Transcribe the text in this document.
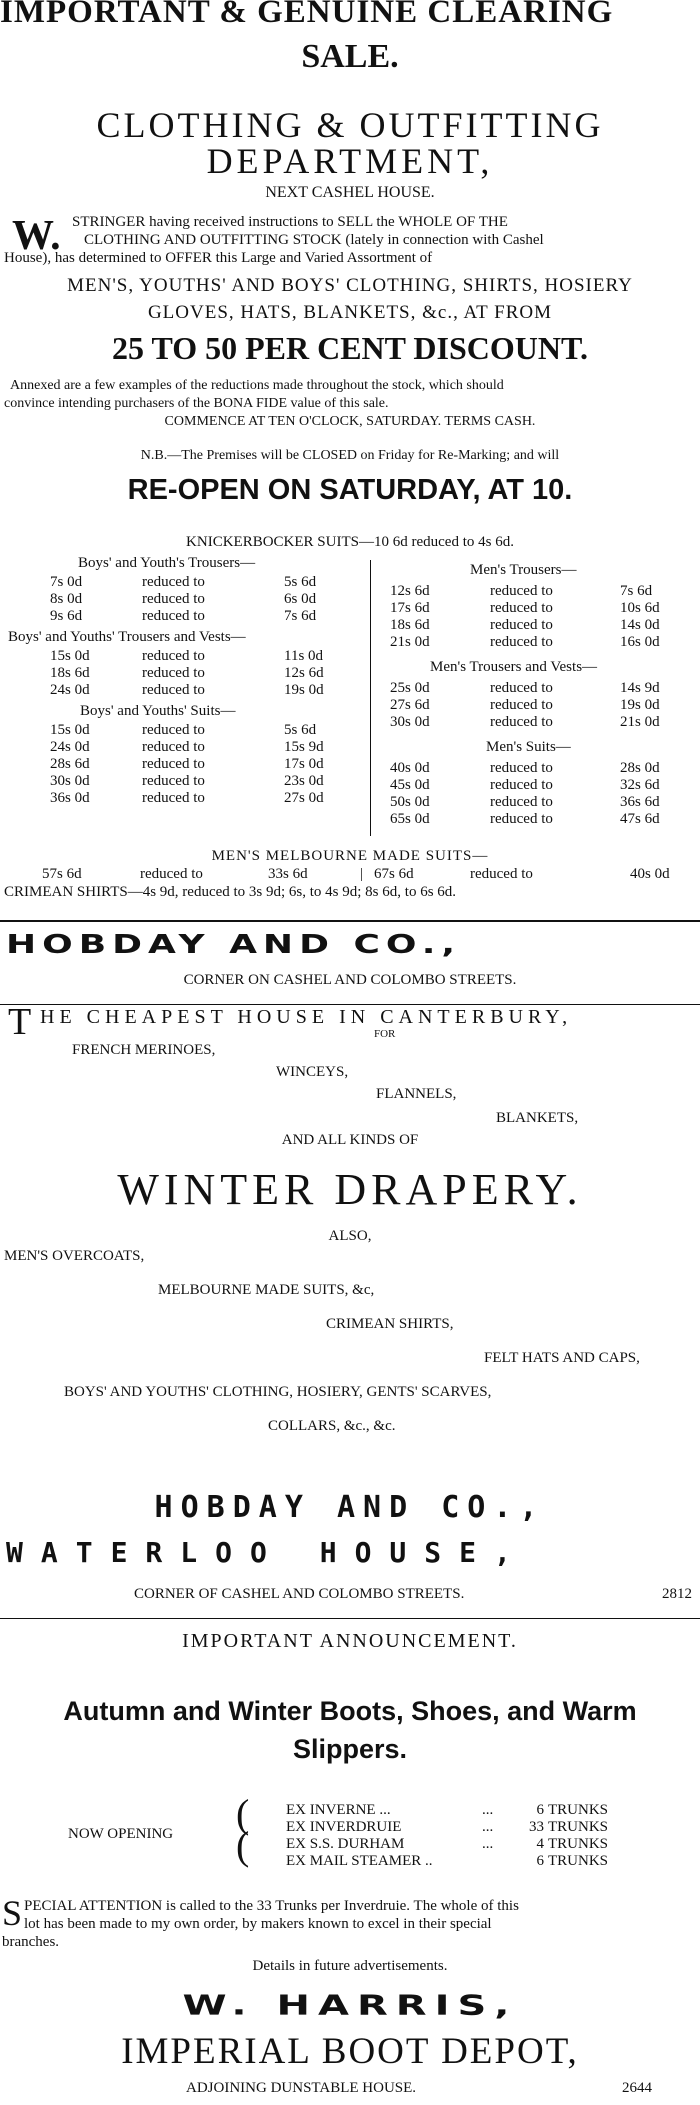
IMPORTANT & GENUINE CLEARING
SALE.
CLOTHING & OUTFITTING
DEPARTMENT,
NEXT CASHEL HOUSE.
W. STRINGER having received instructions to SELL the WHOLE OF THE
CLOTHING AND OUTFITTING STOCK (lately in connection with Cashel
House), has determined to OFFER this Large and Varied Assortment of
MEN'S, YOUTHS' AND BOYS' CLOTHING, SHIRTS, HOSIERY
GLOVES, HATS, BLANKETS, &c., AT FROM
25 TO 50 PER CENT DISCOUNT.
Annexed are a few examples of the reductions made throughout the stock, which should
convince intending purchasers of the BONA FIDE value of this sale.
COMMENCE AT TEN O'CLOCK, SATURDAY. TERMS CASH.
N.B.—The Premises will be CLOSED on Friday for Re-Marking; and will
RE-OPEN ON SATURDAY, AT 10.
KNICKERBOCKER SUITS—10 6d reduced to 4s 6d.
Boys' and Youth's Trousers—
7s 0d	reduced to	5s 6d
8s 0d	reduced to	6s 0d
9s 6d	reduced to	7s 6d
Boys' and Youths' Trousers and Vests—
15s 0d	reduced to	11s 0d
18s 6d	reduced to	12s 6d
24s 0d	reduced to	19s 0d
Boys' and Youths' Suits—
15s 0d	reduced to	5s 6d
24s 0d	reduced to	15s 9d
28s 6d	reduced to	17s 0d
30s 0d	reduced to	23s 0d
36s 0d	reduced to	27s 0d
Men's Trousers—
12s 6d	reduced to	7s 6d
17s 6d	reduced to	10s 6d
18s 6d	reduced to	14s 0d
21s 0d	reduced to	16s 0d
Men's Trousers and Vests—
25s 0d	reduced to	14s 9d
27s 6d	reduced to	19s 0d
30s 0d	reduced to	21s 0d
Men's Suits—
40s 0d	reduced to	28s 0d
45s 0d	reduced to	32s 6d
50s 0d	reduced to	36s 6d
65s 0d	reduced to	47s 6d
MEN'S MELBOURNE MADE SUITS—
57s 6d	reduced to	33s 6d	| 67s 6d	reduced to	40s 0d
CRIMEAN SHIRTS—4s 9d, reduced to 3s 9d; 6s, to 4s 9d; 8s 6d, to 6s 6d.
HOBDAY AND CO.,
CORNER ON CASHEL AND COLOMBO STREETS.
T HE CHEAPEST HOUSE IN CANTERBURY,
FOR
FRENCH MERINOES,
WINCEYS,
FLANNELS,
BLANKETS,
AND ALL KINDS OF
WINTER DRAPERY.
ALSO,
MEN'S OVERCOATS,
MELBOURNE MADE SUITS, &c,
CRIMEAN SHIRTS,
FELT HATS AND CAPS,
BOYS' AND YOUTHS' CLOTHING, HOSIERY, GENTS' SCARVES,
COLLARS, &c., &c.
HOBDAY AND CO.,
WATERLOO HOUSE,
CORNER OF CASHEL AND COLOMBO STREETS.	2812
IMPORTANT ANNOUNCEMENT.
Autumn and Winter Boots, Shoes, and Warm
Slippers.
NOW OPENING (
(
EX INVERNE ...	...	6 TRUNKS
EX INVERDRUIE	...	33 TRUNKS
EX S.S. DURHAM	...	4 TRUNKS
EX MAIL STEAMER ..	6 TRUNKS
S PECIAL ATTENTION is called to the 33 Trunks per Inverdruie. The whole of this
lot has been made to my own order, by makers known to excel in their special
branches.
Details in future advertisements.
W. HARRIS,
IMPERIAL BOOT DEPOT,
ADJOINING DUNSTABLE HOUSE.	2644
